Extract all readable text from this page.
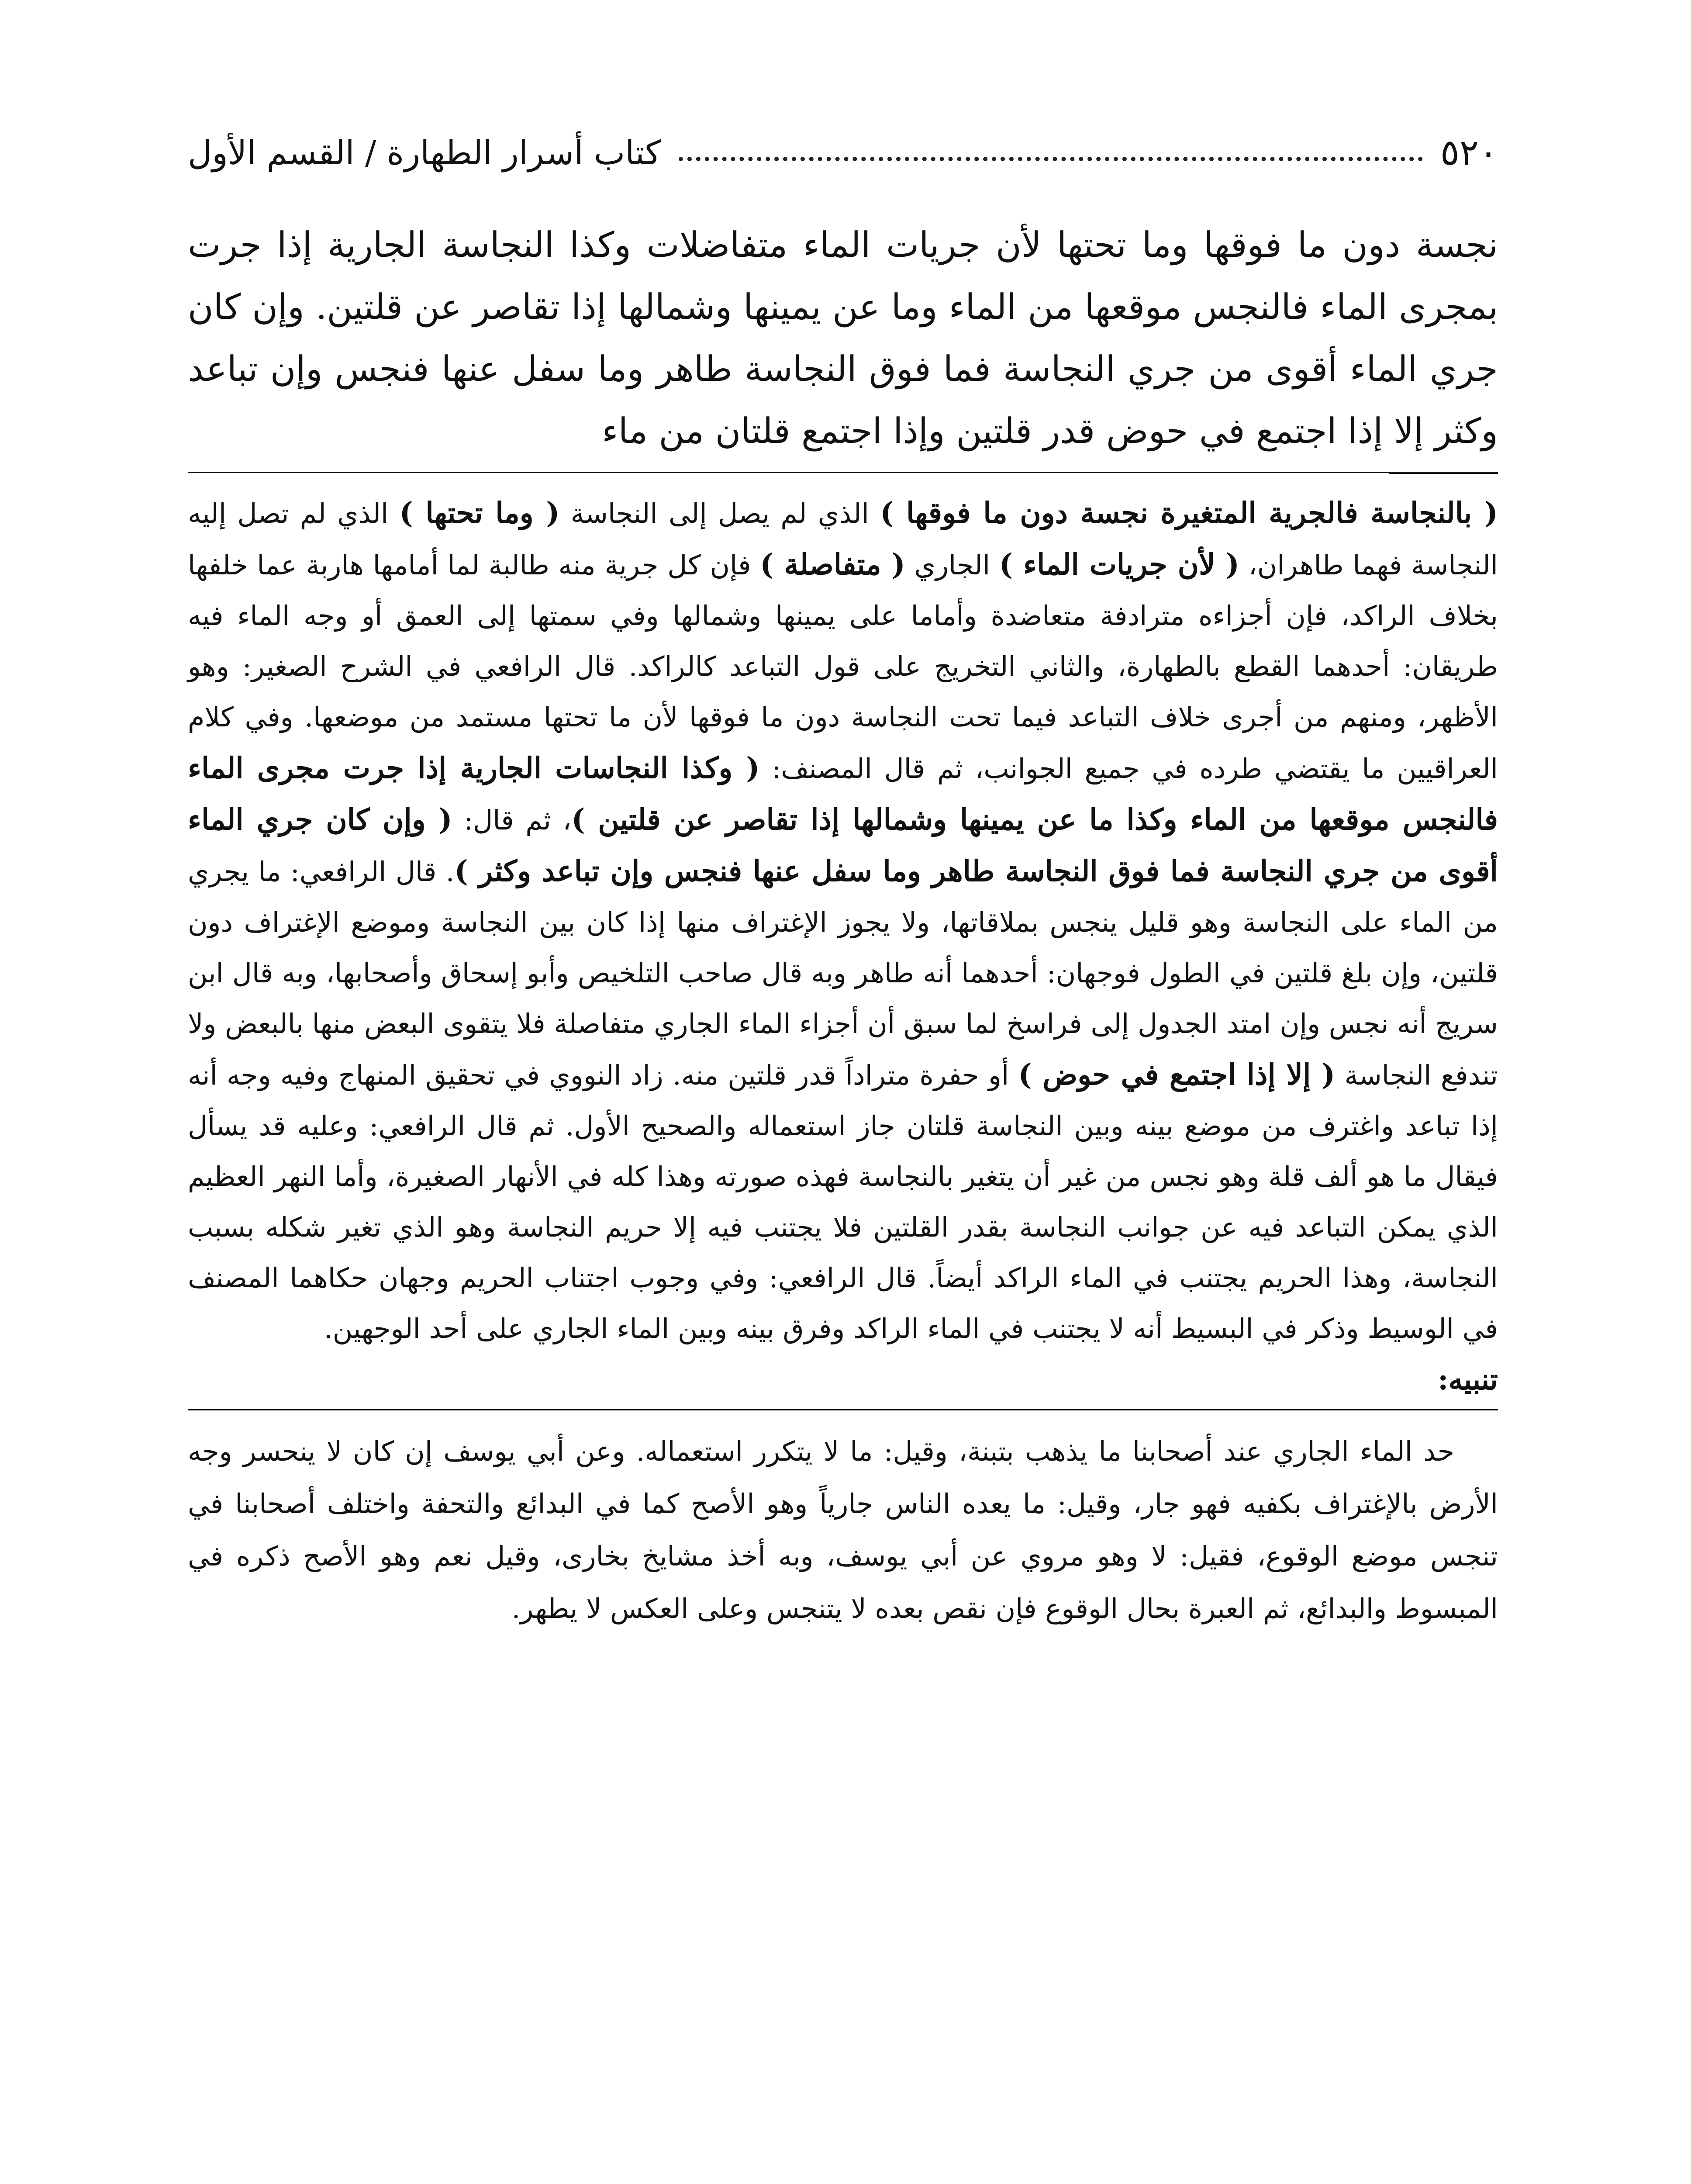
٥٢٠
كتاب أسرار الطهارة / القسم الأول
نجسة دون ما فوقها وما تحتها لأن جريات الماء متفاضلات وكذا النجاسة الجارية إذا جرت بمجرى الماء فالنجس موقعها من الماء وما عن يمينها وشمالها إذا تقاصر عن قلتين. وإن كان جري الماء أقوى من جري النجاسة فما فوق النجاسة طاهر وما سفل عنها فنجس وإن تباعد وكثر إلا إذا اجتمع في حوض قدر قلتين وإذا اجتمع قلتان من ماء

( بالنجاسة فالجرية المتغيرة نجسة دون ما فوقها ) الذي لم يصل إلى النجاسة ( وما تحتها ) الذي لم تصل إليه النجاسة فهما طاهران، ( لأن جريات الماء ) الجاري ( متفاصلة ) فإن كل جرية منه طالبة لما أمامها هاربة عما خلفها بخلاف الراكد، فإن أجزاءه مترادفة متعاضدة وأماما على يمينها وشمالها وفي سمتها إلى العمق أو وجه الماء فيه طريقان: أحدهما القطع بالطهارة، والثاني التخريج على قول التباعد كالراكد. قال الرافعي في الشرح الصغير: وهو الأظهر، ومنهم من أجرى خلاف التباعد فيما تحت النجاسة دون ما فوقها لأن ما تحتها مستمد من موضعها. وفي كلام العراقيين ما يقتضي طرده في جميع الجوانب، ثم قال المصنف: ( وكذا النجاسات الجارية إذا جرت مجرى الماء فالنجس موقعها من الماء وكذا ما عن يمينها وشمالها إذا تقاصر عن قلتين )، ثم قال: ( وإن كان جري الماء أقوى من جري النجاسة فما فوق النجاسة طاهر وما سفل عنها فنجس وإن تباعد وكثر ). قال الرافعي: ما يجري من الماء على النجاسة وهو قليل ينجس بملاقاتها، ولا يجوز الإغتراف منها إذا كان بين النجاسة وموضع الإغتراف دون قلتين، وإن بلغ قلتين في الطول فوجهان: أحدهما أنه طاهر وبه قال صاحب التلخيص وأبو إسحاق وأصحابها، وبه قال ابن سريج أنه نجس وإن امتد الجدول إلى فراسخ لما سبق أن أجزاء الماء الجاري متفاصلة فلا يتقوى البعض منها بالبعض ولا تندفع النجاسة ( إلا إذا اجتمع في حوض ) أو حفرة متراداً قدر قلتين منه. زاد النووي في تحقيق المنهاج وفيه وجه أنه إذا تباعد واغترف من موضع بينه وبين النجاسة قلتان جاز استعماله والصحيح الأول. ثم قال الرافعي: وعليه قد يسأل فيقال ما هو ألف قلة وهو نجس من غير أن يتغير بالنجاسة فهذه صورته وهذا كله في الأنهار الصغيرة، وأما النهر العظيم الذي يمكن التباعد فيه عن جوانب النجاسة بقدر القلتين فلا يجتنب فيه إلا حريم النجاسة وهو الذي تغير شكله بسبب النجاسة، وهذا الحريم يجتنب في الماء الراكد أيضاً. قال الرافعي: وفي وجوب اجتناب الحريم وجهان حكاهما المصنف في الوسيط وذكر في البسيط أنه لا يجتنب في الماء الراكد وفرق بينه وبين الماء الجاري على أحد الوجهين.

تنبيه:

حد الماء الجاري عند أصحابنا ما يذهب بتبنة، وقيل: ما لا يتكرر استعماله. وعن أبي يوسف إن كان لا ينحسر وجه الأرض بالإغتراف بكفيه فهو جار، وقيل: ما يعده الناس جارياً وهو الأصح كما في البدائع والتحفة واختلف أصحابنا في تنجس موضع الوقوع، فقيل: لا وهو مروي عن أبي يوسف، وبه أخذ مشايخ بخارى، وقيل نعم وهو الأصح ذكره في المبسوط والبدائع، ثم العبرة بحال الوقوع فإن نقص بعده لا يتنجس وعلى العكس لا يطهر.
